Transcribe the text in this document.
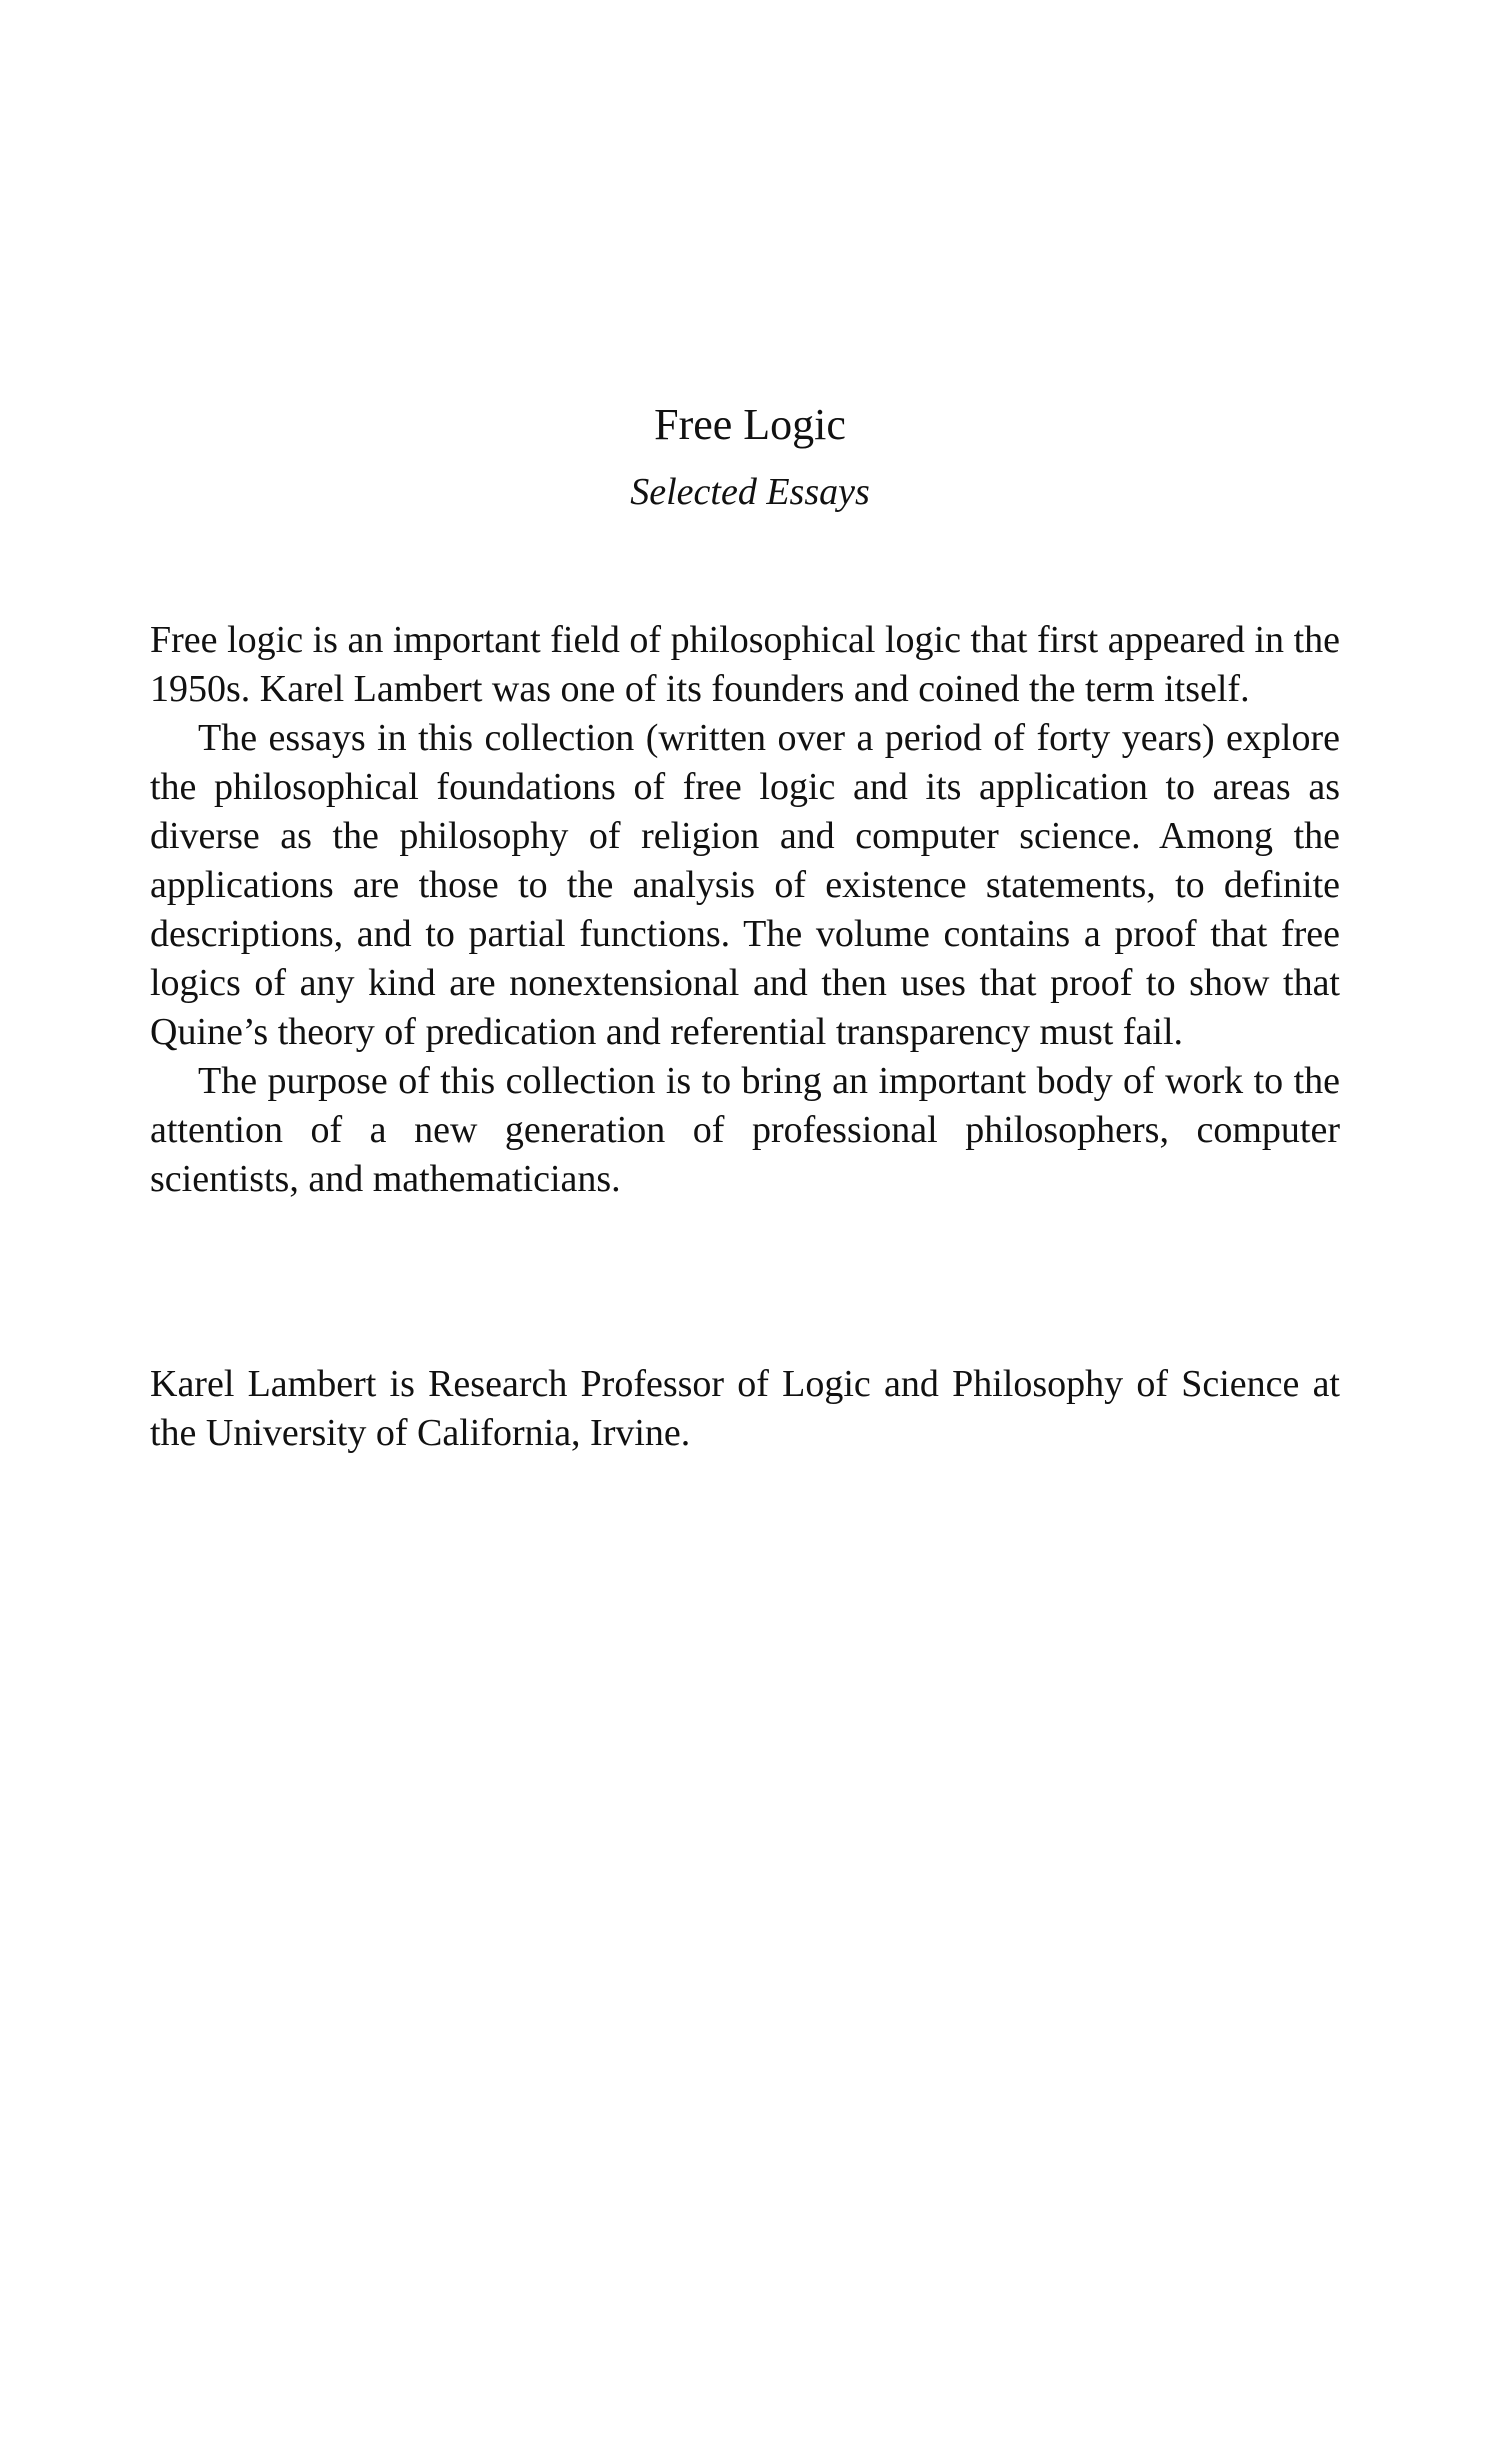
Free Logic
Selected Essays

Free logic is an important field of philosophical logic that first appeared in the 1950s. Karel Lambert was one of its founders and coined the term itself.

The essays in this collection (written over a period of forty years) explore the philosophical foundations of free logic and its application to areas as diverse as the philosophy of religion and computer science. Among the applications are those to the analysis of existence statements, to definite descriptions, and to partial functions. The volume contains a proof that free logics of any kind are nonextensional and then uses that proof to show that Quine’s theory of predication and referential transparency must fail.

The purpose of this collection is to bring an important body of work to the attention of a new generation of professional philosophers, computer scientists, and mathematicians.

Karel Lambert is Research Professor of Logic and Philosophy of Science at the University of California, Irvine.
